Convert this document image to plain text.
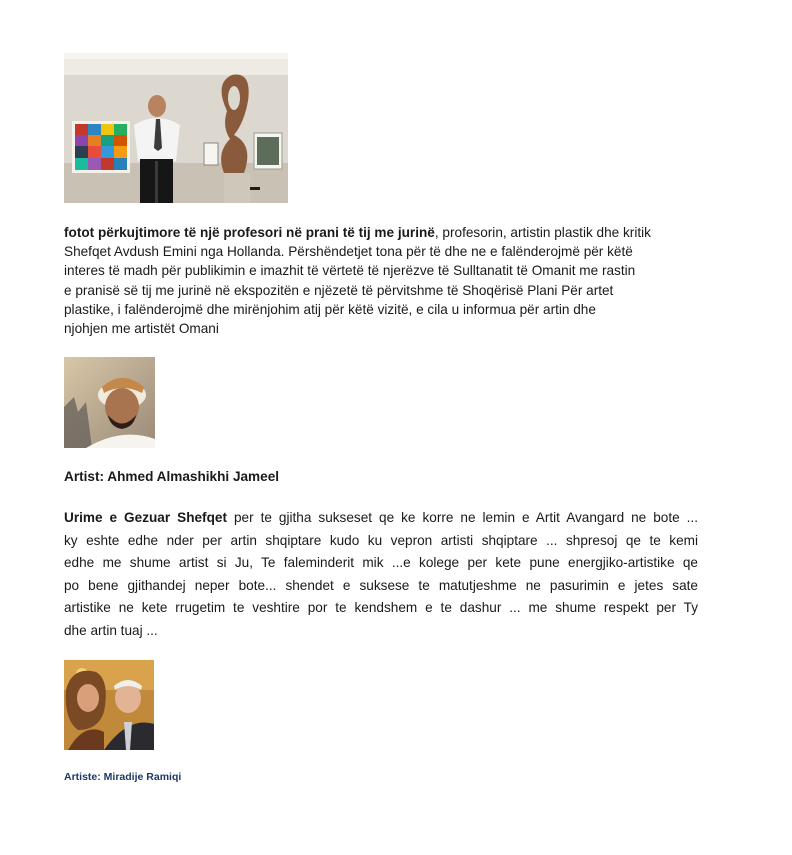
fotot përkujtimore të një profesori në prani të tij me jurinë, profesorin, artistin plastik dhe kritik
Shefqet Avdush Emini nga Hollanda. Përshëndetjet tona për të dhe ne e falënderojmë për këtë
interes të madh për publikimin e imazhit të vërtetë të njerëzve të Sulltanatit të Omanit me rastin
e pranisë së tij me jurinë në ekspozitën e njëzetë të përvitshme të Shoqërisë Plani Për artet
plastike, i falënderojmë dhe mirënjohim atij për këtë vizitë, e cila u informua për artin dhe
njohjen me artistët Omani

Artist: Ahmed Almashikhi Jameel
Urime e Gezuar Shefqet per te gjitha sukseset qe ke korre ne lemin e Artit Avangard ne bote ...
ky eshte edhe nder per artin shqiptare kudo ku vepron artisti shqiptare ... shpresoj qe te kemi
edhe me shume artist si Ju, Te faleminderit mik ...e kolege per kete pune energjiko-artistike qe
po bene gjithandej neper bote... shendet e suksese te matutjeshme ne pasurimin e jetes sate
artistike ne kete rrugetim te veshtire por te kendshem e te dashur ... me shume respekt per Ty
dhe artin tuaj ...
Artiste: Miradije Ramiqi
